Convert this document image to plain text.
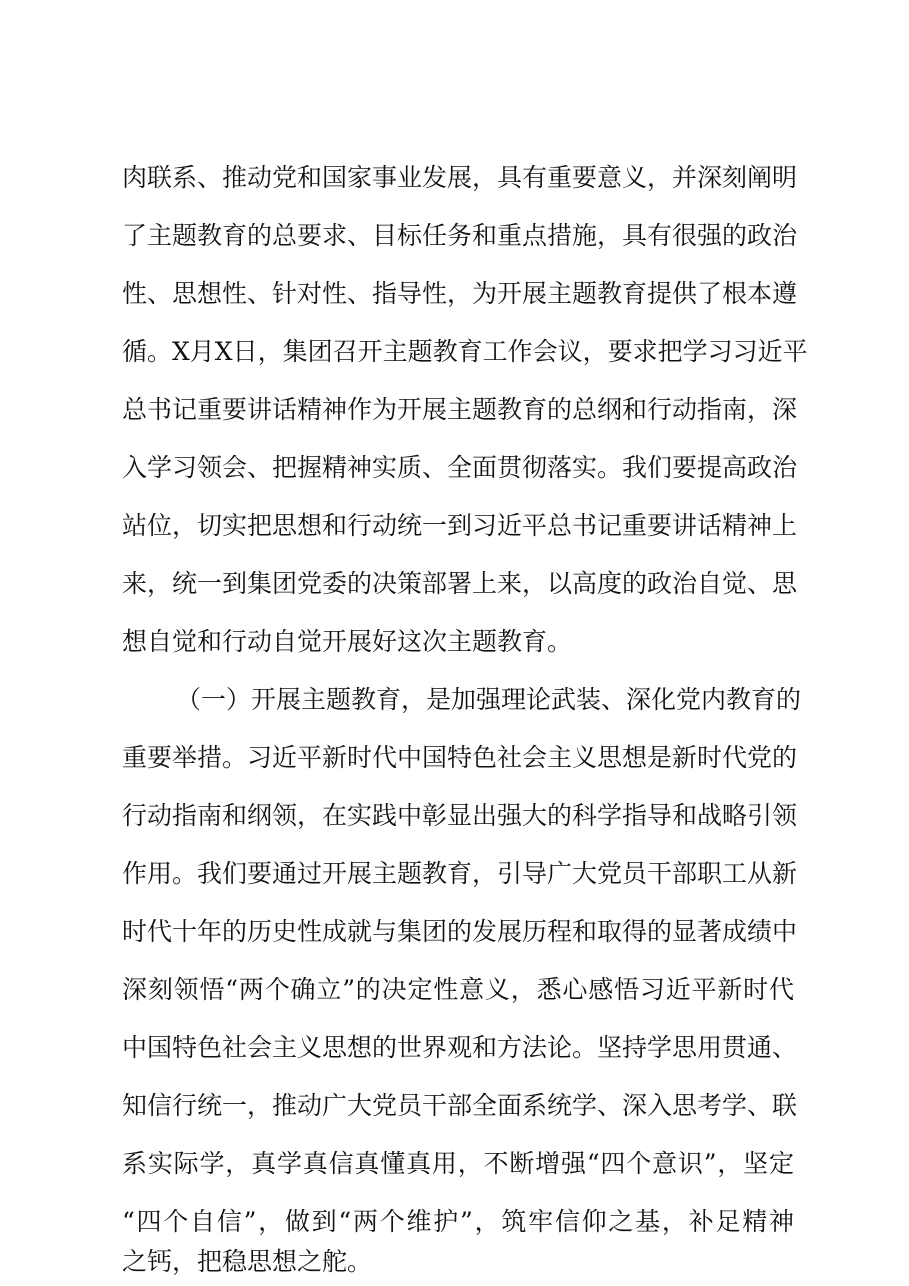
肉联系、推动党和国家事业发展，具有重要意义，并深刻阐明
了主题教育的总要求、目标任务和重点措施，具有很强的政治
性、思想性、针对性、指导性，为开展主题教育提供了根本遵
循。X月X日，集团召开主题教育工作会议，要求把学习习近平
总书记重要讲话精神作为开展主题教育的总纲和行动指南，深
入学习领会、把握精神实质、全面贯彻落实。我们要提高政治
站位，切实把思想和行动统一到习近平总书记重要讲话精神上
来，统一到集团党委的决策部署上来，以高度的政治自觉、思
想自觉和行动自觉开展好这次主题教育。
（一）开展主题教育，是加强理论武装、深化党内教育的
重要举措。习近平新时代中国特色社会主义思想是新时代党的
行动指南和纲领，在实践中彰显出强大的科学指导和战略引领
作用。我们要通过开展主题教育，引导广大党员干部职工从新
时代十年的历史性成就与集团的发展历程和取得的显著成绩中
深刻领悟“两个确立”的决定性意义，悉心感悟习近平新时代
中国特色社会主义思想的世界观和方法论。坚持学思用贯通、
知信行统一，推动广大党员干部全面系统学、深入思考学、联
系实际学，真学真信真懂真用，不断增强“四个意识”，坚定
“四个自信”，做到“两个维护”，筑牢信仰之基，补足精神
之钙，把稳思想之舵。
